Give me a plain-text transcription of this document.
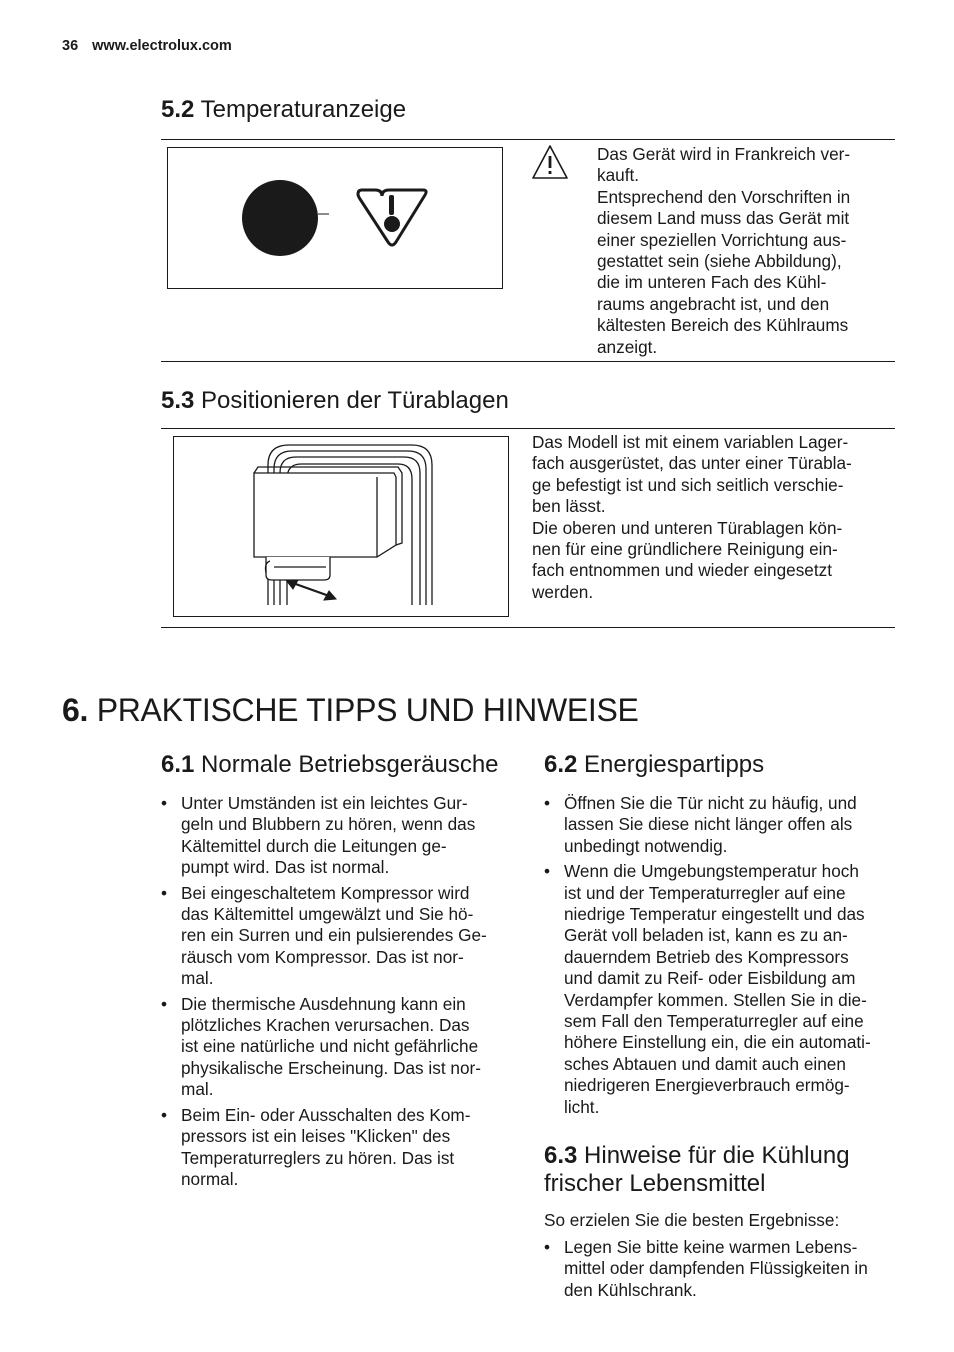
36 www.electrolux.com
5.2 Temperaturanzeige
Das Gerät wird in Frankreich ver-
kauft.
Entsprechend den Vorschriften in
diesem Land muss das Gerät mit
einer speziellen Vorrichtung aus-
gestattet sein (siehe Abbildung),
die im unteren Fach des Kühl-
raums angebracht ist, und den
kältesten Bereich des Kühlraums
anzeigt.
5.3 Positionieren der Türablagen
Das Modell ist mit einem variablen Lager-
fach ausgerüstet, das unter einer Türabla-
ge befestigt ist und sich seitlich verschie-
ben lässt.
Die oberen und unteren Türablagen kön-
nen für eine gründlichere Reinigung ein-
fach entnommen und wieder eingesetzt
werden.
6. PRAKTISCHE TIPPS UND HINWEISE
6.1 Normale Betriebsgeräusche
• Unter Umständen ist ein leichtes Gur-
geln und Blubbern zu hören, wenn das
Kältemittel durch die Leitungen ge-
pumpt wird. Das ist normal.
• Bei eingeschaltetem Kompressor wird
das Kältemittel umgewälzt und Sie hö-
ren ein Surren und ein pulsierendes Ge-
räusch vom Kompressor. Das ist nor-
mal.
• Die thermische Ausdehnung kann ein
plötzliches Krachen verursachen. Das
ist eine natürliche und nicht gefährliche
physikalische Erscheinung. Das ist nor-
mal.
• Beim Ein- oder Ausschalten des Kom-
pressors ist ein leises "Klicken" des
Temperaturreglers zu hören. Das ist
normal.
6.2 Energiespartipps
• Öffnen Sie die Tür nicht zu häufig, und
lassen Sie diese nicht länger offen als
unbedingt notwendig.
• Wenn die Umgebungstemperatur hoch
ist und der Temperaturregler auf eine
niedrige Temperatur eingestellt und das
Gerät voll beladen ist, kann es zu an-
dauerndem Betrieb des Kompressors
und damit zu Reif- oder Eisbildung am
Verdampfer kommen. Stellen Sie in die-
sem Fall den Temperaturregler auf eine
höhere Einstellung ein, die ein automati-
sches Abtauen und damit auch einen
niedrigeren Energieverbrauch ermög-
licht.
6.3 Hinweise für die Kühlung
frischer Lebensmittel
So erzielen Sie die besten Ergebnisse:
• Legen Sie bitte keine warmen Lebens-
mittel oder dampfenden Flüssigkeiten in
den Kühlschrank.
